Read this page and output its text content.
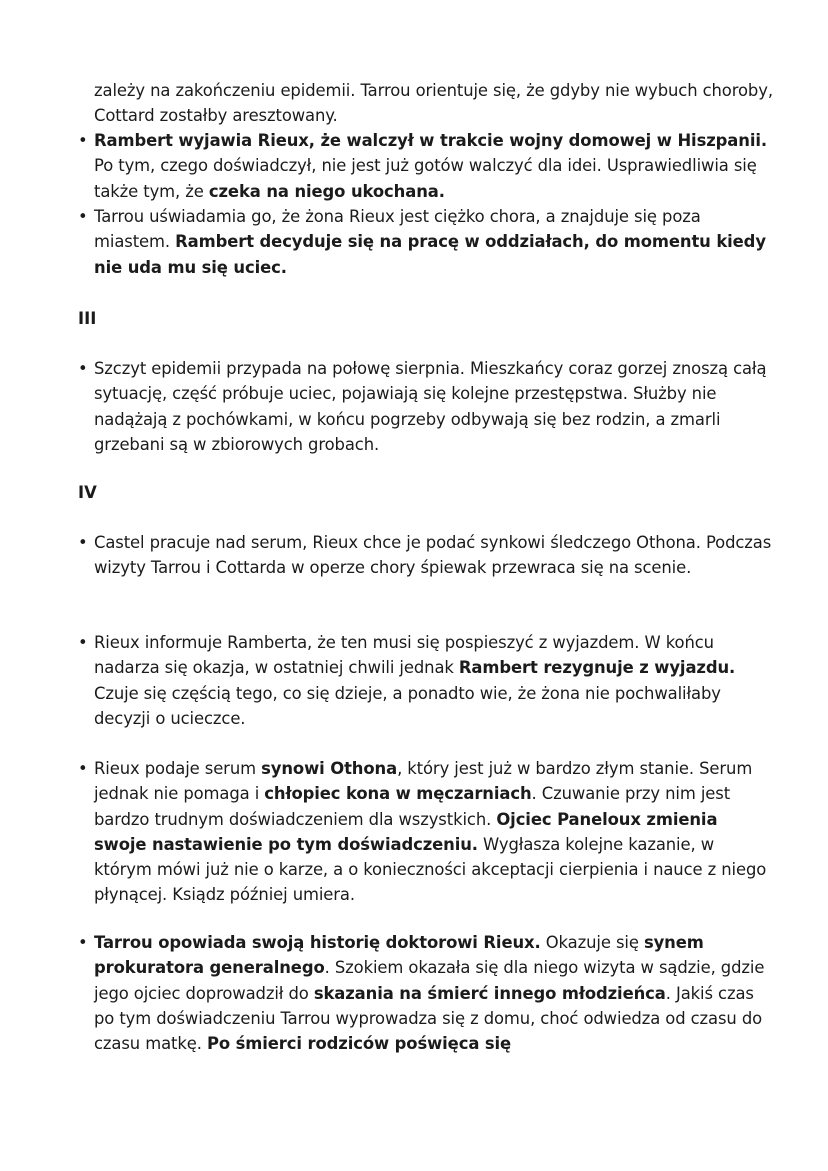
zależy na zakończeniu epidemii. Tarrou orientuje się, że gdyby nie wybuch choroby, Cottard zostałby aresztowany.

• Rambert wyjawia Rieux, że walczył w trakcie wojny domowej w Hiszpanii. Po tym, czego doświadczył, nie jest już gotów walczyć dla idei. Usprawiedliwia się także tym, że czeka na niego ukochana.
• Tarrou uświadamia go, że żona Rieux jest ciężko chora, a znajduje się poza miastem. Rambert decyduje się na pracę w oddziałach, do momentu kiedy nie uda mu się uciec.
III
• Szczyt epidemii przypada na połowę sierpnia. Mieszkańcy coraz gorzej znoszą całą sytuację, część próbuje uciec, pojawiają się kolejne przestępstwa. Służby nie nadążają z pochówkami, w końcu pogrzeby odbywają się bez rodzin, a zmarli grzebani są w zbiorowych grobach.
IV
• Castel pracuje nad serum, Rieux chce je podać synkowi śledczego Othona. Podczas wizyty Tarrou i Cottarda w operze chory śpiewak przewraca się na scenie.
• Rieux informuje Ramberta, że ten musi się pospieszyć z wyjazdem. W końcu nadarza się okazja, w ostatniej chwili jednak Rambert rezygnuje z wyjazdu. Czuje się częścią tego, co się dzieje, a ponadto wie, że żona nie pochwaliłaby decyzji o ucieczce.
• Rieux podaje serum synowi Othona, który jest już w bardzo złym stanie. Serum jednak nie pomaga i chłopiec kona w męczarniach. Czuwanie przy nim jest bardzo trudnym doświadczeniem dla wszystkich. Ojciec Paneloux zmienia swoje nastawienie po tym doświadczeniu. Wygłasza kolejne kazanie, w którym mówi już nie o karze, a o konieczności akceptacji cierpienia i nauce z niego płynącej. Ksiądz później umiera.
• Tarrou opowiada swoją historię doktorowi Rieux. Okazuje się synem prokuratora generalnego. Szokiem okazała się dla niego wizyta w sądzie, gdzie jego ojciec doprowadził do skazania na śmierć innego młodzieńca. Jakiś czas po tym doświadczeniu Tarrou wyprowadza się z domu, choć odwiedza od czasu do czasu matkę. Po śmierci rodziców poświęca się
